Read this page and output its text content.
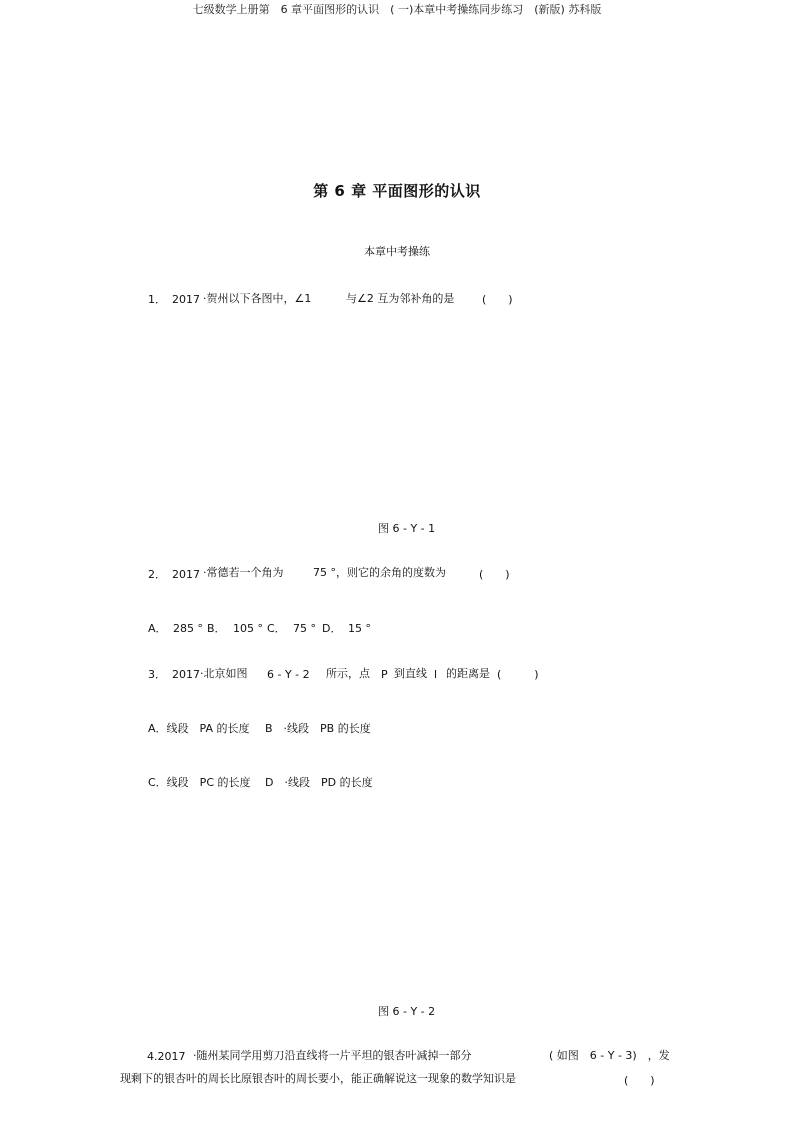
七级数学上册第　6 章平面图形的认识　( 一)本章中考操练同步练习　(新版) 苏科版
第 6 章 平面图形的认识
本章中考操练
1． 2017 ·贺州以下各图中，∠1	与∠2 互为邻补角的是	(　　)
图 6 - Y - 1
2． 2017 ·常德若一个角为	75 °，则它的余角的度数为	(　　)
A． 285 ° B． 105 ° C． 75 ° D． 15 °
3． 2017 ·北京如图 6 - Y - 2 所示，点 P 到直线 l 的距离是 (　　　)
A．线段　PA 的长度 B　·线段　PB 的长度
C．线段　PC 的长度 D　·线段　PD 的长度
图 6 - Y - 2
4.2017 ·随州某同学用剪刀沿直线将一片平坦的银杏叶减掉一部分	( 如图　6 - Y - 3)　，发
现剩下的银杏叶的周长比原银杏叶的周长要小，能正确解说这一现象的数学知识是	(　　)
